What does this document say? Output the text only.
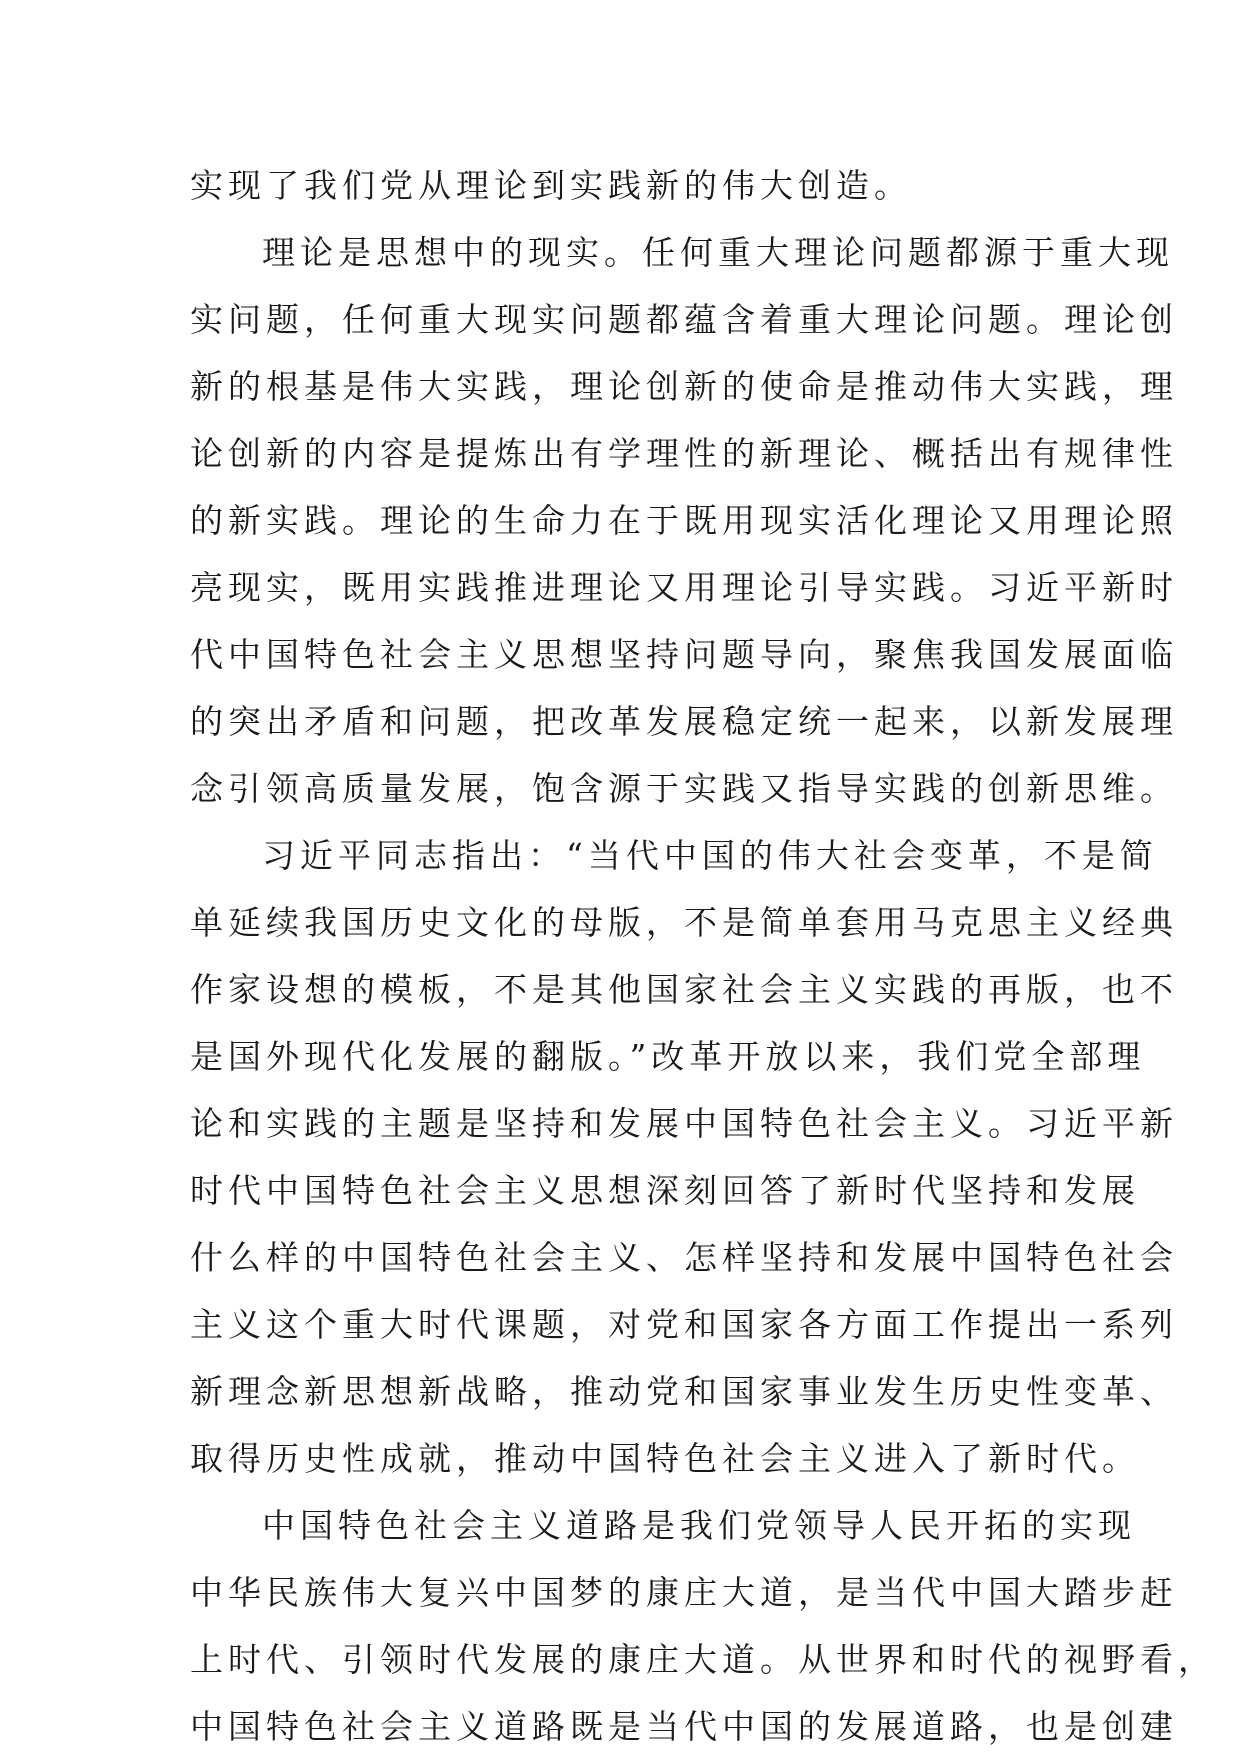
实现了我们党从理论到实践新的伟大创造。
理论是思想中的现实。任何重大理论问题都源于重大现
实问题，任何重大现实问题都蕴含着重大理论问题。理论创
新的根基是伟大实践，理论创新的使命是推动伟大实践，理
论创新的内容是提炼出有学理性的新理论、概括出有规律性
的新实践。理论的生命力在于既用现实活化理论又用理论照
亮现实，既用实践推进理论又用理论引导实践。习近平新时
代中国特色社会主义思想坚持问题导向，聚焦我国发展面临
的突出矛盾和问题，把改革发展稳定统一起来，以新发展理
念引领高质量发展，饱含源于实践又指导实践的创新思维。
习近平同志指出：“当代中国的伟大社会变革，不是简
单延续我国历史文化的母版，不是简单套用马克思主义经典
作家设想的模板，不是其他国家社会主义实践的再版，也不
是国外现代化发展的翻版。”改革开放以来，我们党全部理
论和实践的主题是坚持和发展中国特色社会主义。习近平新
时代中国特色社会主义思想深刻回答了新时代坚持和发展
什么样的中国特色社会主义、怎样坚持和发展中国特色社会
主义这个重大时代课题，对党和国家各方面工作提出一系列
新理念新思想新战略，推动党和国家事业发生历史性变革、
取得历史性成就，推动中国特色社会主义进入了新时代。
中国特色社会主义道路是我们党领导人民开拓的实现
中华民族伟大复兴中国梦的康庄大道，是当代中国大踏步赶
上时代、引领时代发展的康庄大道。从世界和时代的视野看，
中国特色社会主义道路既是当代中国的发展道路，也是创建
